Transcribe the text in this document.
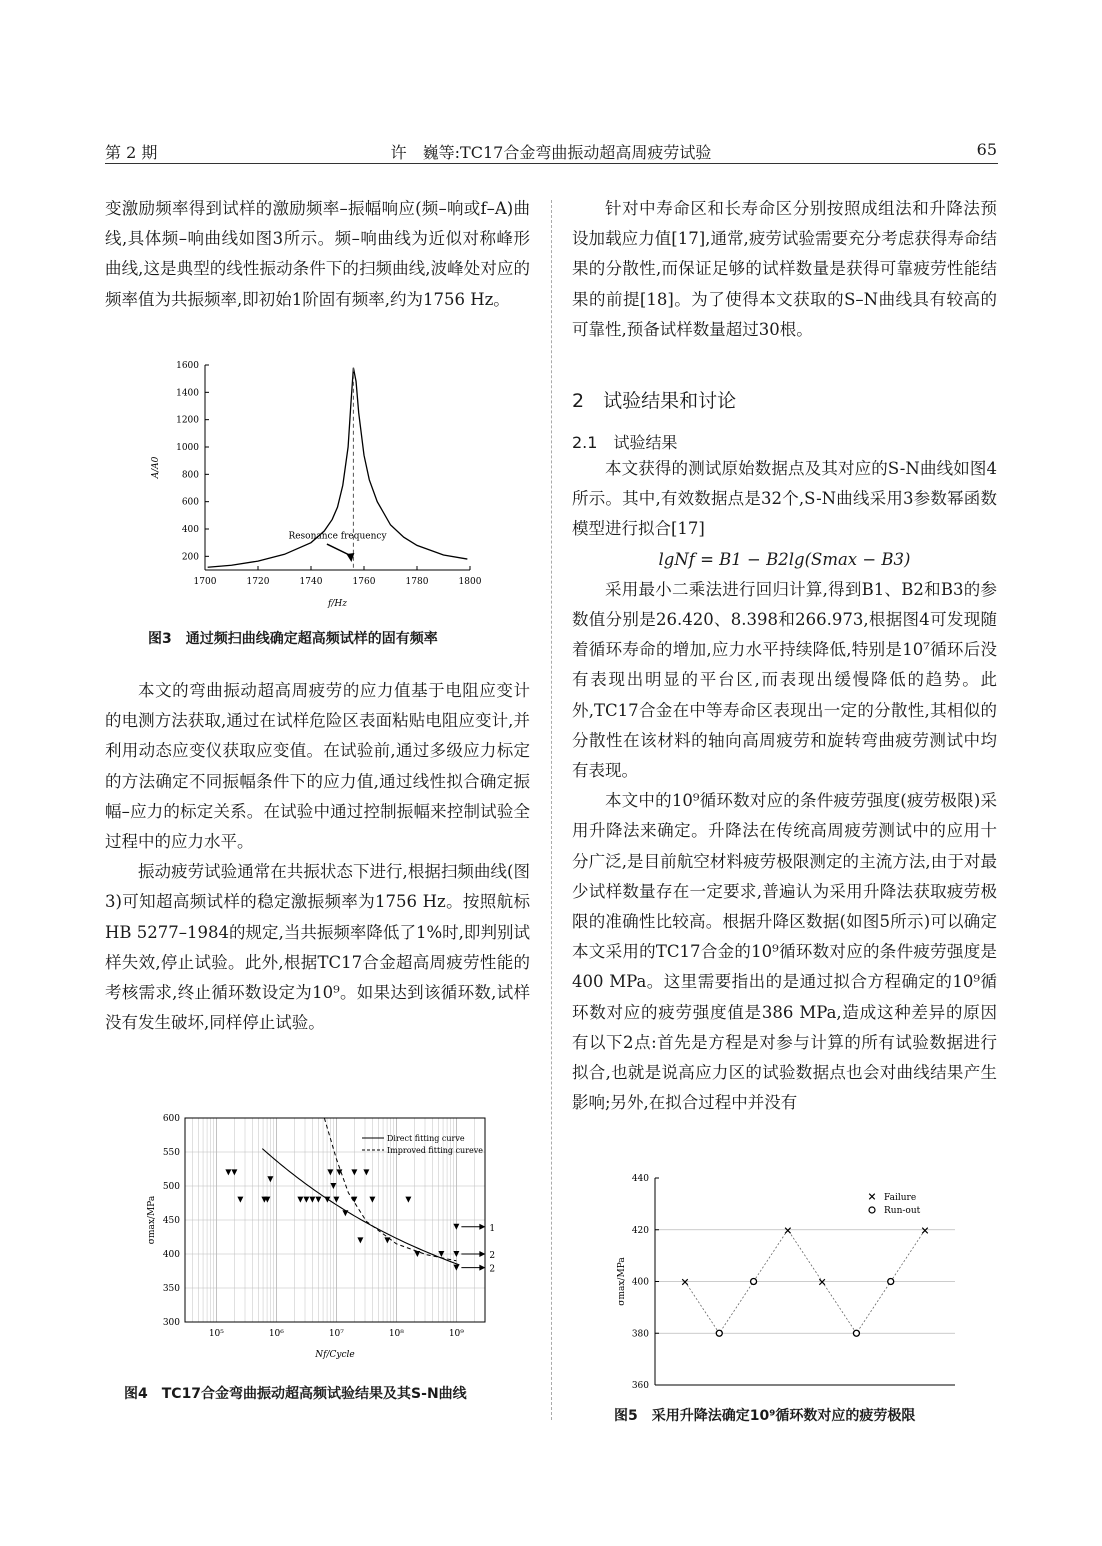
第 2 期	许　巍等:TC17合金弯曲振动超高周疲劳试验	65

变激励频率得到试样的激励频率–振幅响应(频–响或f–A)曲线,具体频–响曲线如图3所示。频–响曲线为近似对称峰形曲线,这是典型的线性振动条件下的扫频曲线,波峰处对应的频率值为共振频率,即初始1阶固有频率,约为1756 Hz。

200
400
600
800
1000
1200
1400
1600
1700	1720	1740	1760	1780	1800
f/Hz
A/A0
Resonance frequency
图3　通过频扫曲线确定超高频试样的固有频率

本文的弯曲振动超高周疲劳的应力值基于电阻应变计的电测方法获取,通过在试样危险区表面粘贴电阻应变计,并利用动态应变仪获取应变值。在试验前,通过多级应力标定的方法确定不同振幅条件下的应力值,通过线性拟合确定振幅–应力的标定关系。在试验中通过控制振幅来控制试验全过程中的应力水平。

振动疲劳试验通常在共振状态下进行,根据扫频曲线(图3)可知超高频试样的稳定激振频率为1756 Hz。按照航标HB 5277–1984的规定,当共振频率降低了1%时,即判别试样失效,停止试验。此外,根据TC17合金超高周疲劳性能的考核需求,终止循环数设定为10⁹。如果达到该循环数,试样没有发生破坏,同样停止试验。

300
350
400
450
500
550
600
10⁵	10⁶	10⁷	10⁸	10⁹
Nf/Cycle
σmax/MPa	1
2
2
Direct fitting curve
Improved fitting cureve
图4　TC17合金弯曲振动超高频试验结果及其S-N曲线

针对中寿命区和长寿命区分别按照成组法和升降法预设加载应力值[17],通常,疲劳试验需要充分考虑获得寿命结果的分散性,而保证足够的试样数量是获得可靠疲劳性能结果的前提[18]。为了使得本文获取的S–N曲线具有较高的可靠性,预备试样数量超过30根。

2　试验结果和讨论
2.1　试验结果

本文获得的测试原始数据点及其对应的S-N曲线如图4所示。其中,有效数据点是32个,S-N曲线采用3参数幂函数模型进行拟合[17]

lgNf = B1 − B2lg(Smax − B3)

采用最小二乘法进行回归计算,得到B1、B2和B3的参数值分别是26.420、8.398和266.973,根据图4可发现随着循环寿命的增加,应力水平持续降低,特别是10⁷循环后没有表现出明显的平台区,而表现出缓慢降低的趋势。此外,TC17合金在中等寿命区表现出一定的分散性,其相似的分散性在该材料的轴向高周疲劳和旋转弯曲疲劳测试中均有表现。

本文中的10⁹循环数对应的条件疲劳强度(疲劳极限)采用升降法来确定。升降法在传统高周疲劳测试中的应用十分广泛,是目前航空材料疲劳极限测定的主流方法,由于对最少试样数量存在一定要求,普遍认为采用升降法获取疲劳极限的准确性比较高。根据升降区数据(如图5所示)可以确定本文采用的TC17合金的10⁹循环数对应的条件疲劳强度是400 MPa。这里需要指出的是通过拟合方程确定的10⁹循环数对应的疲劳强度值是386 MPa,造成这种差异的原因有以下2点:首先是方程是对参与计算的所有试验数据进行拟合,也就是说高应力区的试验数据点也会对曲线结果产生影响;另外,在拟合过程中并没有

360
380
400
420
440
σmax/MPa	×
×
×
×
× Failure
Run-out
图5　采用升降法确定10⁹循环数对应的疲劳极限
